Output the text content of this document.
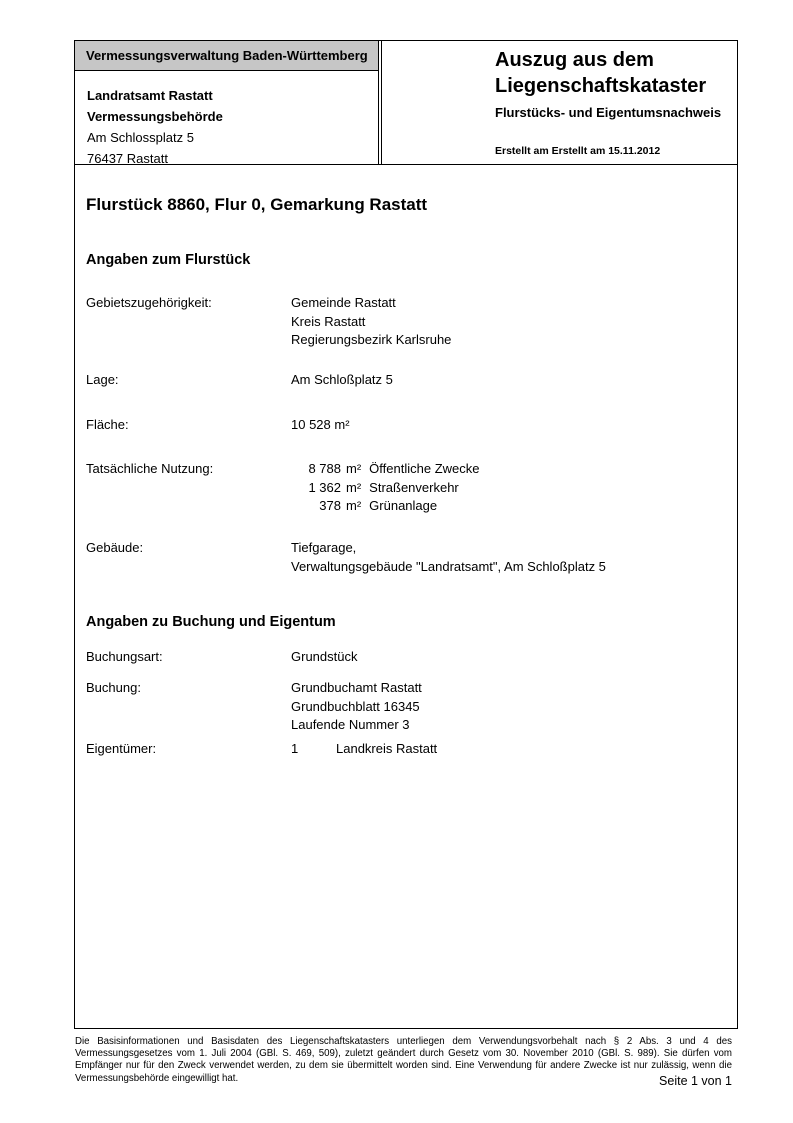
Vermessungsverwaltung Baden-Württemberg
Landratsamt Rastatt
Vermessungsbehörde
Am Schlossplatz 5
76437 Rastatt
Auszug aus dem
Liegenschaftskataster
Flurstücks- und Eigentumsnachweis
Erstellt am Erstellt am 15.11.2012
Flurstück 8860, Flur 0, Gemarkung Rastatt
Angaben zum Flurstück
Gebietszugehörigkeit:	Gemeinde Rastatt
Kreis Rastatt
Regierungsbezirk Karlsruhe
Lage:	Am Schloßplatz 5
Fläche:	10 528 m²
Tatsächliche Nutzung:	8 788 m² Öffentliche Zwecke
1 362 m² Straßenverkehr
378 m² Grünanlage
Gebäude:	Tiefgarage,
Verwaltungsgebäude "Landratsamt", Am Schloßplatz 5
Angaben zu Buchung und Eigentum
Buchungsart:	Grundstück
Buchung:	Grundbuchamt Rastatt
Grundbuchblatt 16345
Laufende Nummer 3
Eigentümer:	1	Landkreis Rastatt
Die Basisinformationen und Basisdaten des Liegenschaftskatasters unterliegen dem Verwendungsvorbehalt nach § 2 Abs. 3 und 4 des Vermessungsgesetzes vom 1. Juli 2004 (GBl. S. 469, 509), zuletzt geändert durch Gesetz vom 30. November 2010 (GBl. S. 989). Sie dürfen vom Empfänger nur für den Zweck verwendet werden, zu dem sie übermittelt worden sind. Eine Verwendung für andere Zwecke ist nur zulässig, wenn die Vermessungsbehörde eingewilligt hat.	Seite 1 von 1
